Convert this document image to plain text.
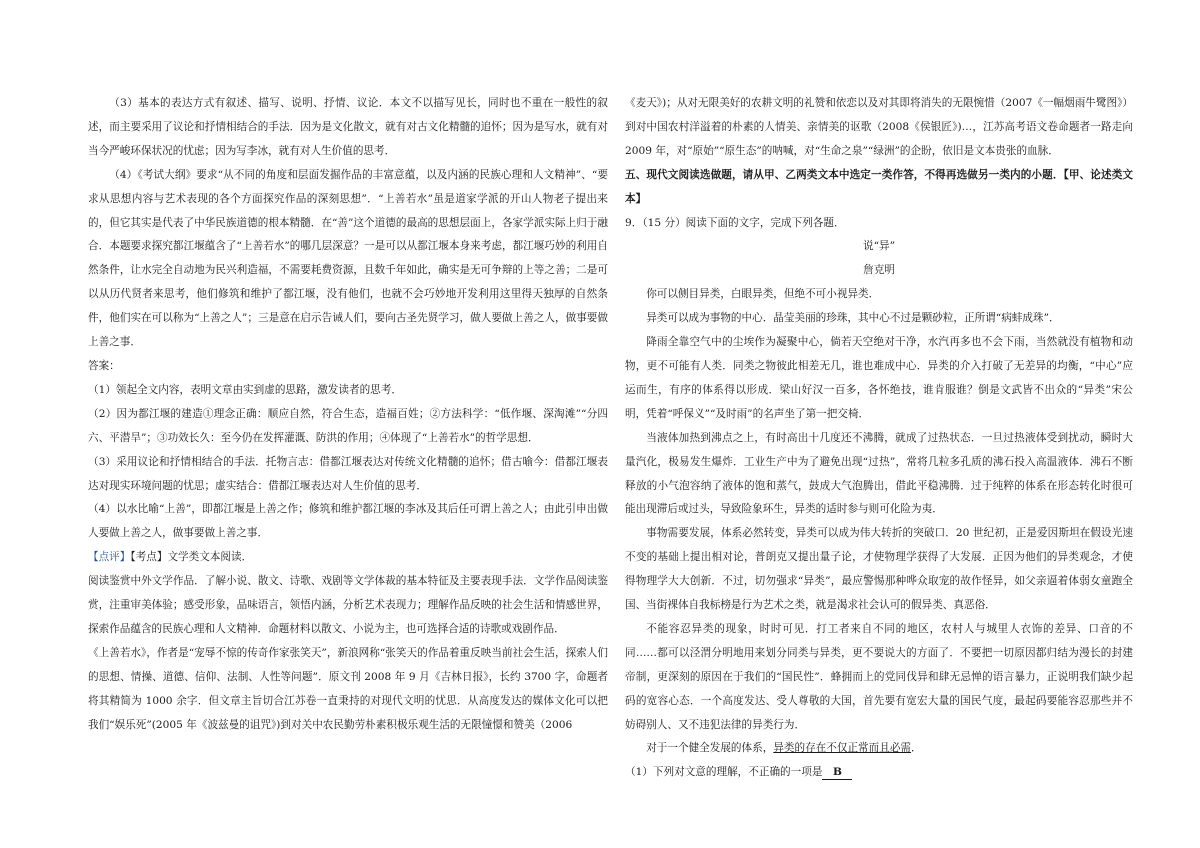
（3）基本的表达方式有叙述、描写、说明、抒情、议论．本文不以描写见长，同时也不重在一般性的叙述，而主要采用了议论和抒情相结合的手法．因为是文化散文，就有对古文化精髓的追怀；因为是写水，就有对当今严峻环保状况的忧虑；因为写李冰，就有对人生价值的思考．

（4）《考试大纲》要求“从不同的角度和层面发掘作品的丰富意蕴，以及内涵的民族心理和人文精神”、“要求从思想内容与艺术表现的各个方面探究作品的深刻思想”．“上善若水”虽是道家学派的开山人物老子提出来的，但它其实是代表了中华民族道德的根本精髓．在“善”这个道德的最高的思想层面上，各家学派实际上归于融合．本题要求探究都江堰蕴含了“上善若水”的哪几层深意？一是可以从都江堰本身来考虑，都江堰巧妙的利用自然条件，让水完全自动地为民兴利造福，不需要耗费资源，且数千年如此，确实是无可争辩的上等之善；二是可以从历代贤者来思考，他们修筑和维护了都江堰，没有他们，也就不会巧妙地开发利用这里得天独厚的自然条件，他们实在可以称为“上善之人”；三是意在启示告诫人们，要向古圣先贤学习，做人要做上善之人，做事要做上善之事．

答案：

（1）领起全文内容，表明文章由实到虚的思路，激发读者的思考．

（2）因为都江堰的建造①理念正确：顺应自然，符合生态，造福百姓；②方法科学：“低作堰、深淘滩”“分四六、平潜旱”；③功效长久：至今仍在发挥灌溉、防洪的作用；④体现了“上善若水”的哲学思想．

（3）采用议论和抒情相结合的手法．托物言志：借都江堰表达对传统文化精髓的追怀；借古喻今：借都江堰表达对现实环境问题的忧思；虚实结合：借都江堰表达对人生价值的思考．

（4）以水比喻“上善”，即都江堰是上善之作；修筑和维护都江堰的李冰及其后任可谓上善之人；由此引申出做人要做上善之人，做事要做上善之事．

【点评】【考点】文学类文本阅读．

阅读鉴赏中外文学作品．了解小说、散文、诗歌、戏剧等文学体裁的基本特征及主要表现手法．文学作品阅读鉴赏，注重审美体验；感受形象，品味语言，领悟内涵，分析艺术表现力；理解作品反映的社会生活和情感世界，探索作品蕴含的民族心理和人文精神．命题材料以散文、小说为主，也可选择合适的诗歌或戏剧作品．

《上善若水》，作者是“宠辱不惊的传奇作家张笑天”，新浪网称“张笑天的作品着重反映当前社会生活，探索人们的思想、情操、道德、信仰、法制、人性等问题”．原文刊 2008 年 9 月《吉林日报》，长约 3700 字，命题者将其精简为 1000 余字．但文章主旨切合江苏卷一直秉持的对现代文明的忧思．从高度发达的媒体文化可以把我们“娱乐死”(2005 年《波兹曼的诅咒》)到对关中农民勤劳朴素积极乐观生活的无限憧憬和赞美（2006

《麦天》)；从对无限美好的农耕文明的礼赞和依恋以及对其即将消失的无限惋惜（2007《一幅烟雨牛鹭图》）到对中国农村洋溢着的朴素的人情美、亲情美的讴歌（2008《侯银匠》)…，江苏高考语文卷命题者一路走向 2009 年，对“原始”“原生态”的呐喊，对“生命之泉”“绿洲”的企盼，依旧是文本贵张的血脉．

五、现代文阅读选做题，请从甲、乙两类文本中选定一类作答，不得再选做另一类内的小题．【甲、论述类文本】

9．（15 分）阅读下面的文字，完成下列各题．

说“异”

詹克明

你可以侧目异类，白眼异类，但绝不可小视异类．

异类可以成为事物的中心．晶莹美丽的珍珠，其中心不过是颗砂粒，正所谓“病蚌成珠”．

降雨全靠空气中的尘埃作为凝聚中心，倘若天空绝对干净，水汽再多也不会下雨，当然就没有植物和动物，更不可能有人类．同类之物彼此相差无几，谁也难成中心．异类的介入打破了无差异的均衡，“中心”应运而生，有序的体系得以形成．梁山好汉一百多，各怀绝技，谁肯服谁？倒是文武皆不出众的“异类”宋公明，凭着“呼保义”“及时雨”的名声坐了第一把交椅．

当液体加热到沸点之上，有时高出十几度还不沸腾，就成了过热状态．一旦过热液体受到扰动，瞬时大量汽化，极易发生爆炸．工业生产中为了避免出现“过热”，常将几粒多孔质的沸石投入高温液体．沸石不断释放的小气泡容纳了液体的饱和蒸气，鼓成大气泡腾出，借此平稳沸腾．过于纯粹的体系在形态转化时很可能出现滞后或过头，导致险象环生，异类的适时参与则可化险为夷．

事物需要发展，体系必然转变，异类可以成为伟大转折的突破口．20 世纪初，正是爱因斯坦在假设光速不变的基础上提出相对论，普朗克又提出量子论，才使物理学获得了大发展．正因为他们的异类观念，才使得物理学大大创新．不过，切勿强求“异类”，最应警惕那种哗众取宠的故作怪异，如父亲逼着体弱女童跑全国、当街裸体自我标榜是行为艺术之类，就是渴求社会认可的假异类、真恶俗．

不能容忍异类的现象，时时可见．打工者来自不同的地区，农村人与城里人衣饰的差异、口音的不同……都可以泾渭分明地用来划分同类与异类，更不要说大的方面了．不要把一切原因都归结为漫长的封建帝制，更深刻的原因在于我们的“国民性”．蜂拥而上的党同伐异和肆无忌惮的语言暴力，正说明我们缺少起码的宽容心态．一个高度发达、受人尊敬的大国，首先要有宽宏大量的国民气度，最起码要能容忍那些并不妨碍别人、又不违犯法律的异类行为．

对于一个健全发展的体系，异类的存在不仅正常而且必需．

（1）下列对文意的理解，不正确的一项是 B
